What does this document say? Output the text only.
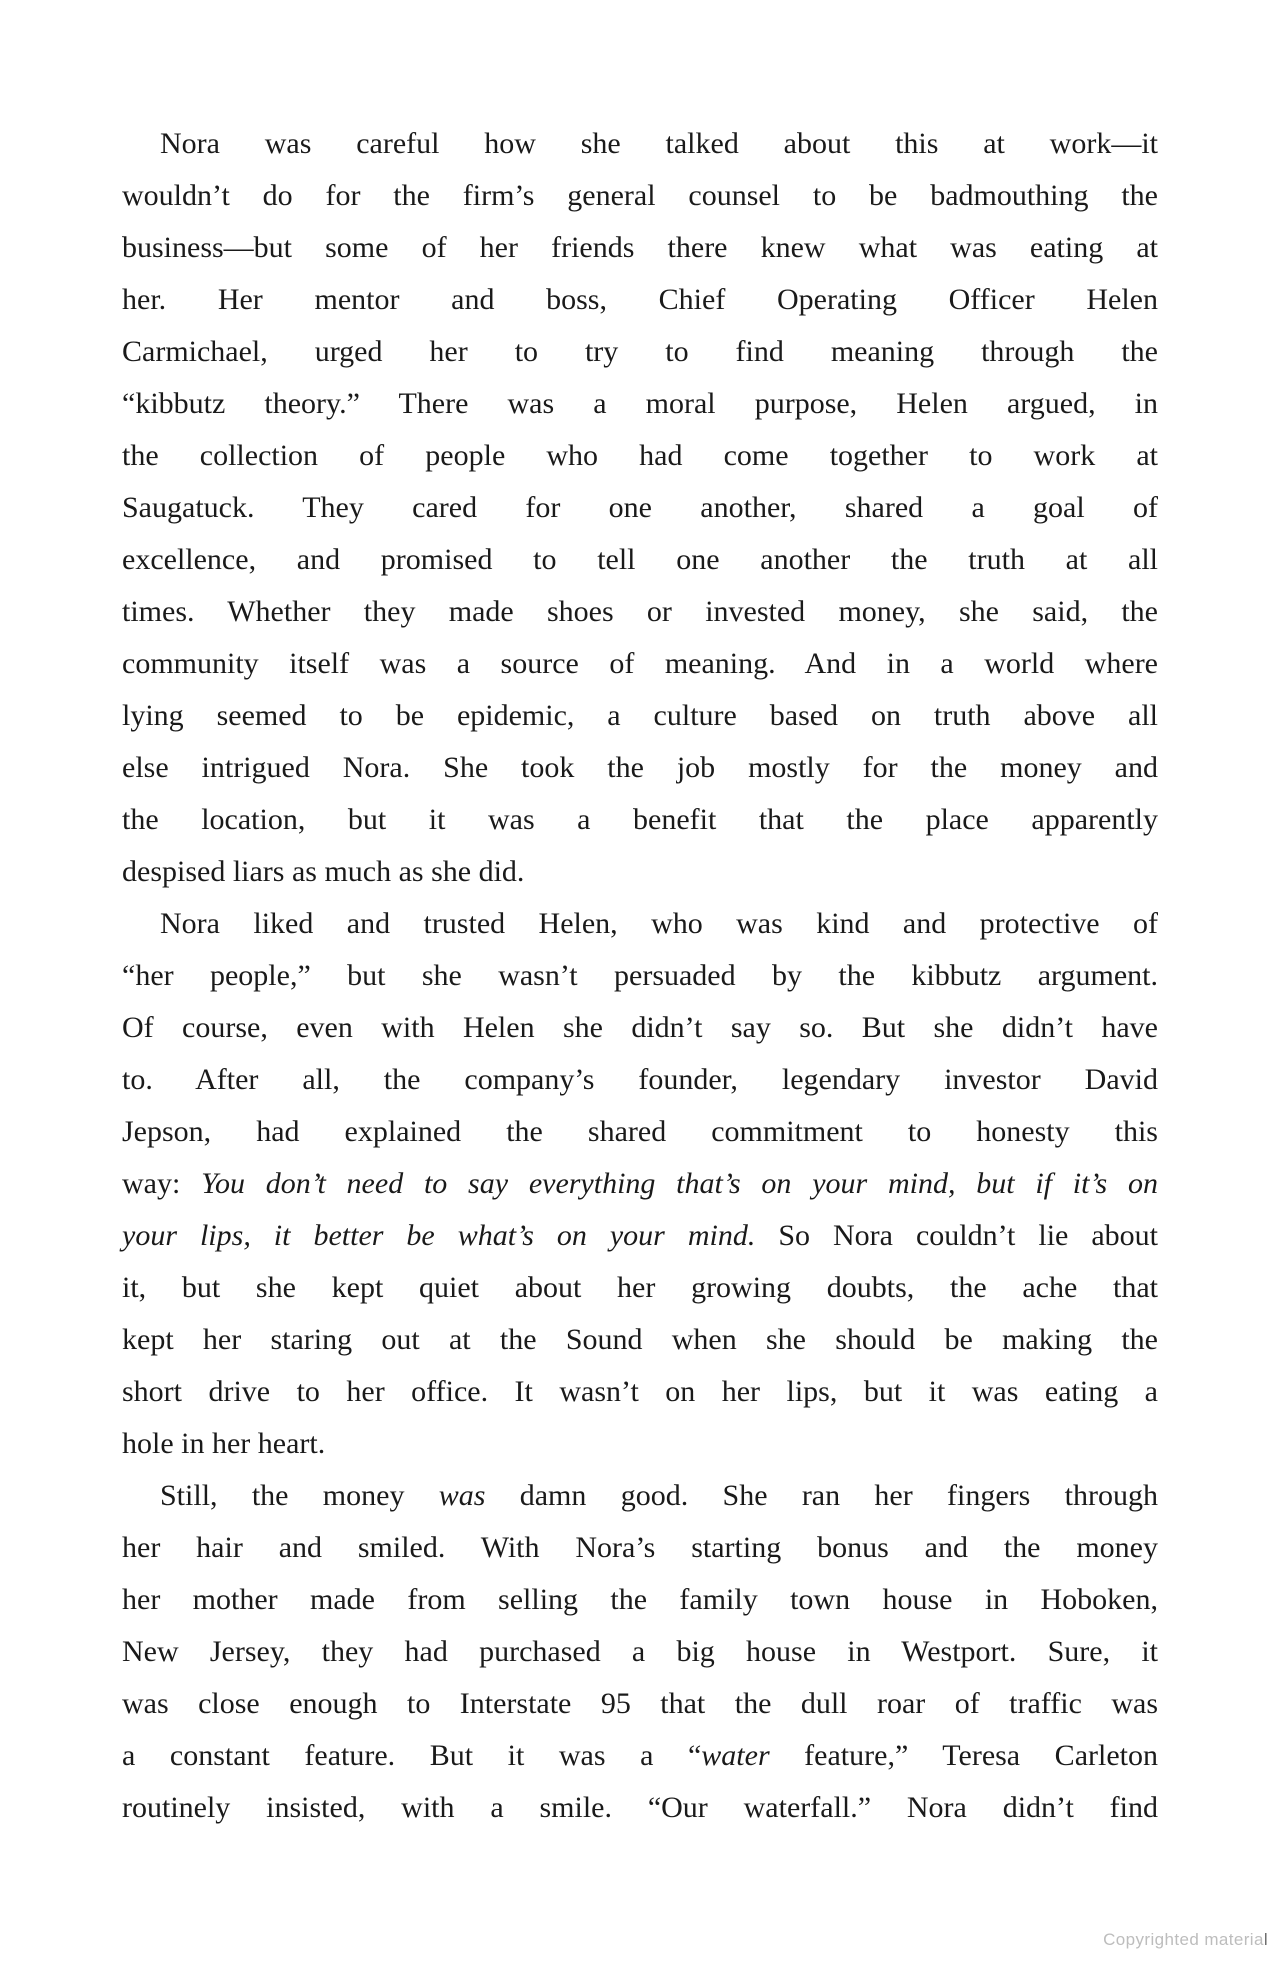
Nora was careful how she talked about this at work—it
wouldn’t do for the firm’s general counsel to be badmouthing the
business—but some of her friends there knew what was eating at
her. Her mentor and boss, Chief Operating Officer Helen
Carmichael, urged her to try to find meaning through the
“kibbutz theory.” There was a moral purpose, Helen argued, in
the collection of people who had come together to work at
Saugatuck. They cared for one another, shared a goal of
excellence, and promised to tell one another the truth at all
times. Whether they made shoes or invested money, she said, the
community itself was a source of meaning. And in a world where
lying seemed to be epidemic, a culture based on truth above all
else intrigued Nora. She took the job mostly for the money and
the location, but it was a benefit that the place apparently
despised liars as much as she did.
Nora liked and trusted Helen, who was kind and protective of
“her people,” but she wasn’t persuaded by the kibbutz argument.
Of course, even with Helen she didn’t say so. But she didn’t have
to. After all, the company’s founder, legendary investor David
Jepson, had explained the shared commitment to honesty this
way: You don’t need to say everything that’s on your mind, but if it’s on
your lips, it better be what’s on your mind. So Nora couldn’t lie about
it, but she kept quiet about her growing doubts, the ache that
kept her staring out at the Sound when she should be making the
short drive to her office. It wasn’t on her lips, but it was eating a
hole in her heart.
Still, the money was damn good. She ran her fingers through
her hair and smiled. With Nora’s starting bonus and the money
her mother made from selling the family town house in Hoboken,
New Jersey, they had purchased a big house in Westport. Sure, it
was close enough to Interstate 95 that the dull roar of traffic was
a constant feature. But it was a “water feature,” Teresa Carleton
routinely insisted, with a smile. “Our waterfall.” Nora didn’t find
Copyrighted material
